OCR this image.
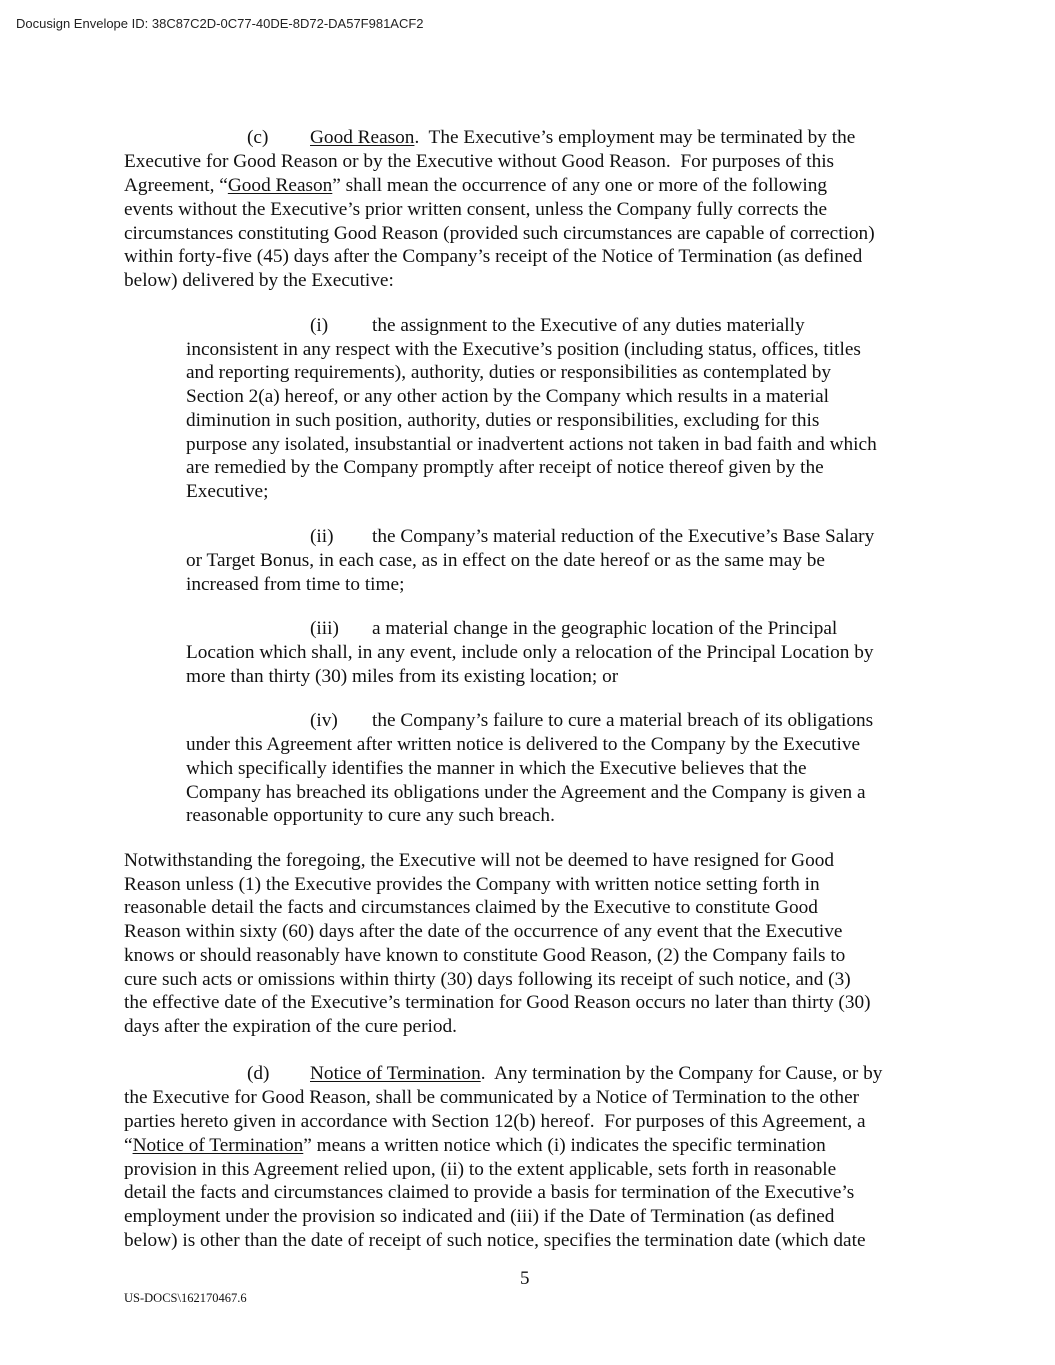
Docusign Envelope ID: 38C87C2D-0C77-40DE-8D72-DA57F981ACF2
(c) Good Reason.  The Executive’s employment may be terminated by the
Executive for Good Reason or by the Executive without Good Reason.  For purposes of this
Agreement, “Good Reason” shall mean the occurrence of any one or more of the following
events without the Executive’s prior written consent, unless the Company fully corrects the
circumstances constituting Good Reason (provided such circumstances are capable of correction)
within forty-five (45) days after the Company’s receipt of the Notice of Termination (as defined
below) delivered by the Executive:
(i) the assignment to the Executive of any duties materially
inconsistent in any respect with the Executive’s position (including status, offices, titles
and reporting requirements), authority, duties or responsibilities as contemplated by
Section 2(a) hereof, or any other action by the Company which results in a material
diminution in such position, authority, duties or responsibilities, excluding for this
purpose any isolated, insubstantial or inadvertent actions not taken in bad faith and which
are remedied by the Company promptly after receipt of notice thereof given by the
Executive;
(ii) the Company’s material reduction of the Executive’s Base Salary
or Target Bonus, in each case, as in effect on the date hereof or as the same may be
increased from time to time;
(iii) a material change in the geographic location of the Principal
Location which shall, in any event, include only a relocation of the Principal Location by
more than thirty (30) miles from its existing location; or
(iv) the Company’s failure to cure a material breach of its obligations
under this Agreement after written notice is delivered to the Company by the Executive
which specifically identifies the manner in which the Executive believes that the
Company has breached its obligations under the Agreement and the Company is given a
reasonable opportunity to cure any such breach.
Notwithstanding the foregoing, the Executive will not be deemed to have resigned for Good
Reason unless (1) the Executive provides the Company with written notice setting forth in
reasonable detail the facts and circumstances claimed by the Executive to constitute Good
Reason within sixty (60) days after the date of the occurrence of any event that the Executive
knows or should reasonably have known to constitute Good Reason, (2) the Company fails to
cure such acts or omissions within thirty (30) days following its receipt of such notice, and (3)
the effective date of the Executive’s termination for Good Reason occurs no later than thirty (30)
days after the expiration of the cure period.
(d) Notice of Termination.  Any termination by the Company for Cause, or by
the Executive for Good Reason, shall be communicated by a Notice of Termination to the other
parties hereto given in accordance with Section 12(b) hereof.  For purposes of this Agreement, a
“Notice of Termination” means a written notice which (i) indicates the specific termination
provision in this Agreement relied upon, (ii) to the extent applicable, sets forth in reasonable
detail the facts and circumstances claimed to provide a basis for termination of the Executive’s
employment under the provision so indicated and (iii) if the Date of Termination (as defined
below) is other than the date of receipt of such notice, specifies the termination date (which date
5
US-DOCS\162170467.6
